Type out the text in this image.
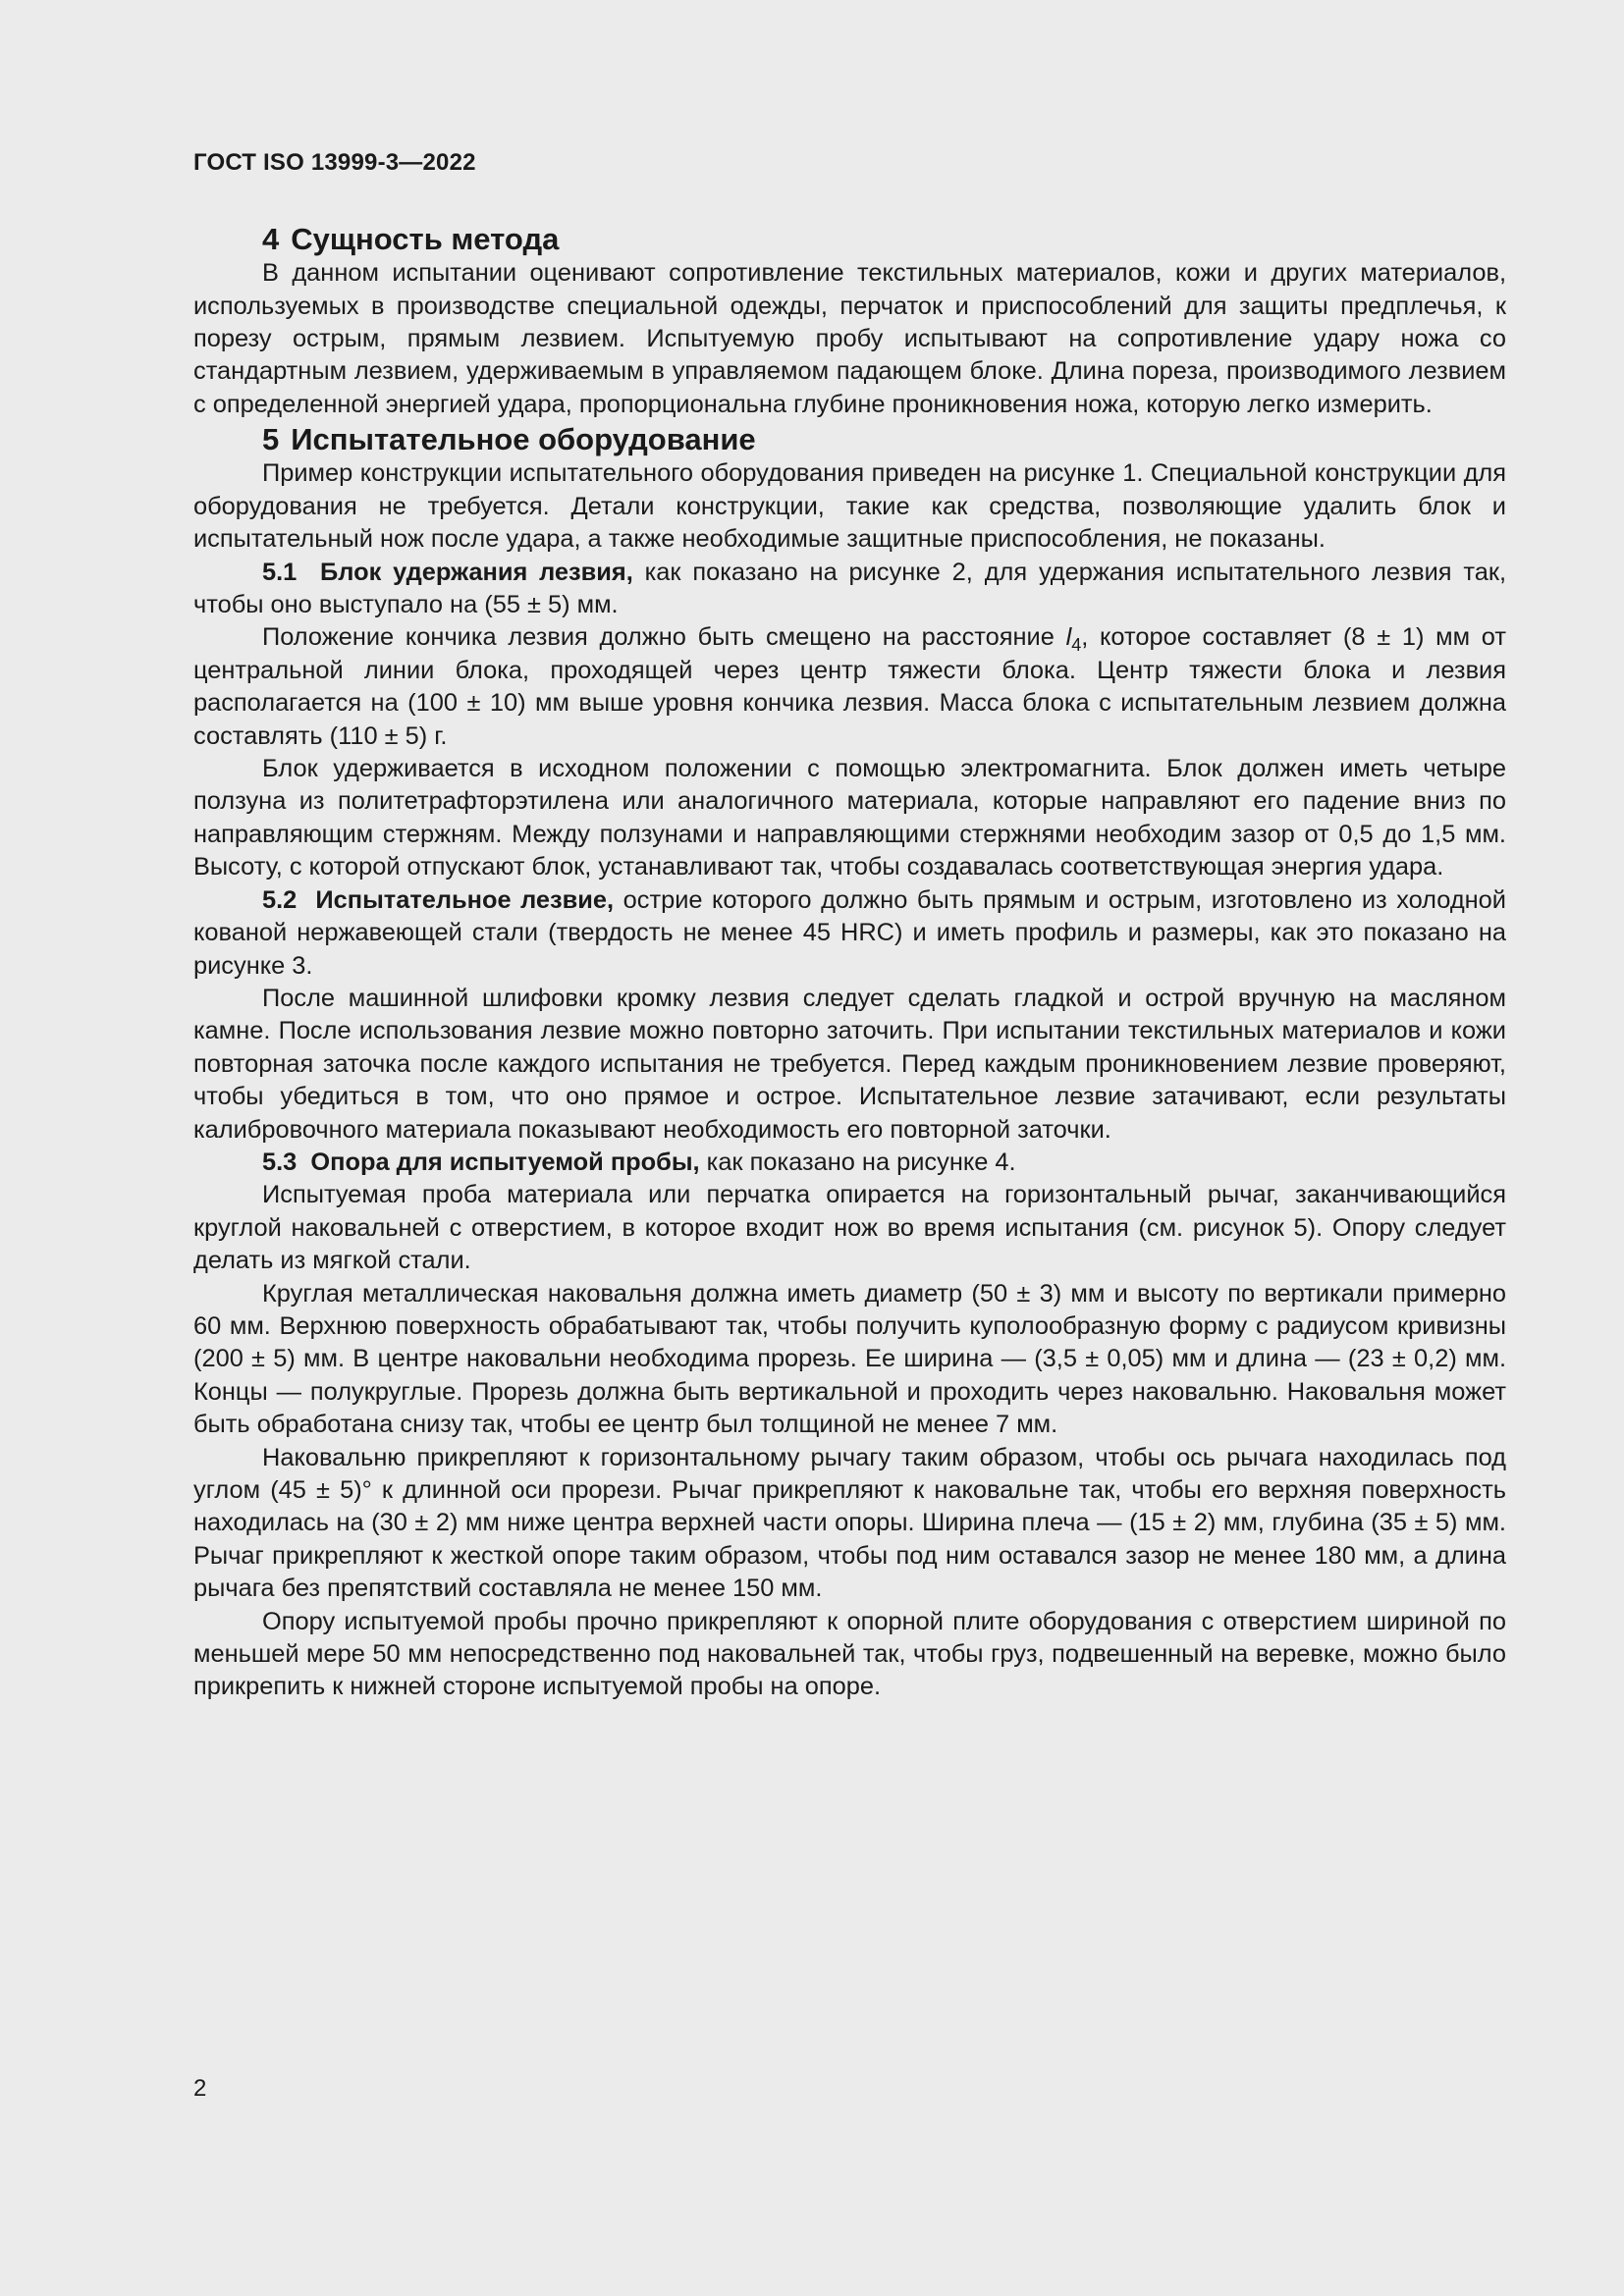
ГОСТ ISO 13999-3—2022
4 Сущность метода

В данном испытании оценивают сопротивление текстильных материалов, кожи и других материалов, используемых в производстве специальной одежды, перчаток и приспособлений для защиты предплечья, к порезу острым, прямым лезвием. Испытуемую пробу испытывают на сопротивление удару ножа со стандартным лезвием, удерживаемым в управляемом падающем блоке. Длина пореза, производимого лезвием с определенной энергией удара, пропорциональна глубине проникновения ножа, которую легко измерить.

5 Испытательное оборудование

Пример конструкции испытательного оборудования приведен на рисунке 1. Специальной конструкции для оборудования не требуется. Детали конструкции, такие как средства, позволяющие удалить блок и испытательный нож после удара, а также необходимые защитные приспособления, не показаны.

5.1 Блок удержания лезвия, как показано на рисунке 2, для удержания испытательного лезвия так, чтобы оно выступало на (55 ± 5) мм.

Положение кончика лезвия должно быть смещено на расстояние $l_4$, которое составляет (8 ± 1) мм от центральной линии блока, проходящей через центр тяжести блока. Центр тяжести блока и лезвия располагается на (100 ± 10) мм выше уровня кончика лезвия. Масса блока с испытательным лезвием должна составлять (110 ± 5) г.

Блок удерживается в исходном положении с помощью электромагнита. Блок должен иметь четыре ползуна из политетрафторэтилена или аналогичного материала, которые направляют его падение вниз по направляющим стержням. Между ползунами и направляющими стержнями необходим зазор от 0,5 до 1,5 мм. Высоту, с которой отпускают блок, устанавливают так, чтобы создавалась соответствующая энергия удара.

5.2 Испытательное лезвие, острие которого должно быть прямым и острым, изготовлено из холодной кованой нержавеющей стали (твердость не менее 45 HRC) и иметь профиль и размеры, как это показано на рисунке 3.

После машинной шлифовки кромку лезвия следует сделать гладкой и острой вручную на масляном камне. После использования лезвие можно повторно заточить. При испытании текстильных материалов и кожи повторная заточка после каждого испытания не требуется. Перед каждым проникновением лезвие проверяют, чтобы убедиться в том, что оно прямое и острое. Испытательное лезвие затачивают, если результаты калибровочного материала показывают необходимость его повторной заточки.

5.3 Опора для испытуемой пробы, как показано на рисунке 4.

Испытуемая проба материала или перчатка опирается на горизонтальный рычаг, заканчивающийся круглой наковальней с отверстием, в которое входит нож во время испытания (см. рисунок 5). Опору следует делать из мягкой стали.

Круглая металлическая наковальня должна иметь диаметр (50 ± 3) мм и высоту по вертикали примерно 60 мм. Верхнюю поверхность обрабатывают так, чтобы получить куполообразную форму с радиусом кривизны (200 ± 5) мм. В центре наковальни необходима прорезь. Ее ширина — (3,5 ± 0,05) мм и длина — (23 ± 0,2) мм. Концы — полукруглые. Прорезь должна быть вертикальной и проходить через наковальню. Наковальня может быть обработана снизу так, чтобы ее центр был толщиной не менее 7 мм.

Наковальню прикрепляют к горизонтальному рычагу таким образом, чтобы ось рычага находилась под углом (45 ± 5)° к длинной оси прорези. Рычаг прикрепляют к наковальне так, чтобы его верхняя поверхность находилась на (30 ± 2) мм ниже центра верхней части опоры. Ширина плеча — (15 ± 2) мм, глубина (35 ± 5) мм. Рычаг прикрепляют к жесткой опоре таким образом, чтобы под ним оставался зазор не менее 180 мм, а длина рычага без препятствий составляла не менее 150 мм.

Опору испытуемой пробы прочно прикрепляют к опорной плите оборудования с отверстием шириной по меньшей мере 50 мм непосредственно под наковальней так, чтобы груз, подвешенный на веревке, можно было прикрепить к нижней стороне испытуемой пробы на опоре.

2
